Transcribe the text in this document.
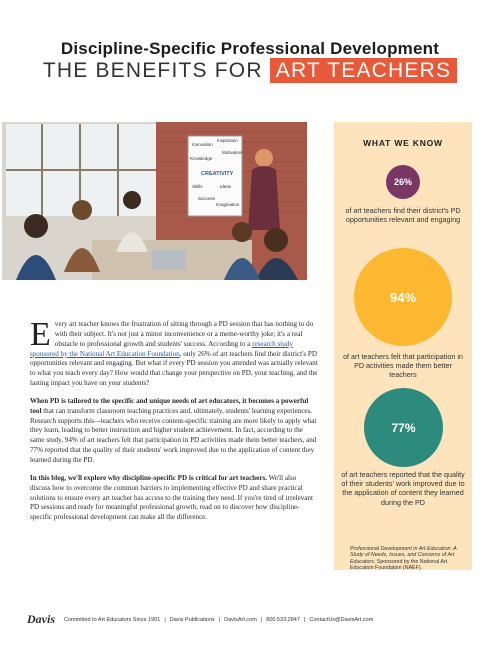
Discipline-Specific Professional Development
THE BENEFITS FOR ART TEACHERS
Innovation
Inspiration
Motivation
Knowledge
CREATIVITY
Skills	Ideas
Imagination
Success
WHAT WE KNOW
26%
of art teachers find their district's PD opportunities relevant and engaging
94%
of art teachers felt that participation in PD activities made them better teachers
77%
of art teachers reported that the quality of their students' work improved due to the application of content they learned during the PD
Professional Development in Art Education: A Study of Needs, Issues, and Concerns of Art Educators. Sponsored by the National Art Education Foundation (NAEF).

Every art teacher knows the frustration of sitting through a PD session that has nothing to do with their subject. It's not just a minor inconvenience or a meme-worthy joke; it's a real obstacle to professional growth and students' success. According to a research study sponsored by the National Art Education Foundation, only 26% of art teachers find their district's PD opportunities relevant and engaging. But what if every PD session you attended was actually relevant to what you teach every day? How would that change your perspective on PD, your teaching, and the lasting impact you have on your students?

When PD is tailored to the specific and unique needs of art educators, it becomes a powerful tool that can transform classroom teaching practices and, ultimately, students' learning experiences. Research supports this—teachers who receive content-specific training are more likely to apply what they learn, leading to better instruction and higher student achievement. In fact, according to the same study, 94% of art teachers felt that participation in PD activities made them better teachers, and 77% reported that the quality of their students' work improved due to the application of content they learned during the PD.

In this blog, we'll explore why discipline-specific PD is critical for art teachers. We'll also discuss how to overcome the common barriers to implementing effective PD and share practical solutions to ensure every art teacher has access to the training they need. If you're tired of irrelevant PD sessions and ready for meaningful professional growth, read on to discover how discipline-specific professional development can make all the difference.

Davis Committed to Art Educators Since 1901 | Davis Publications | DavisArt.com | 800.533.2847 | ContactUs@DavisArt.com
